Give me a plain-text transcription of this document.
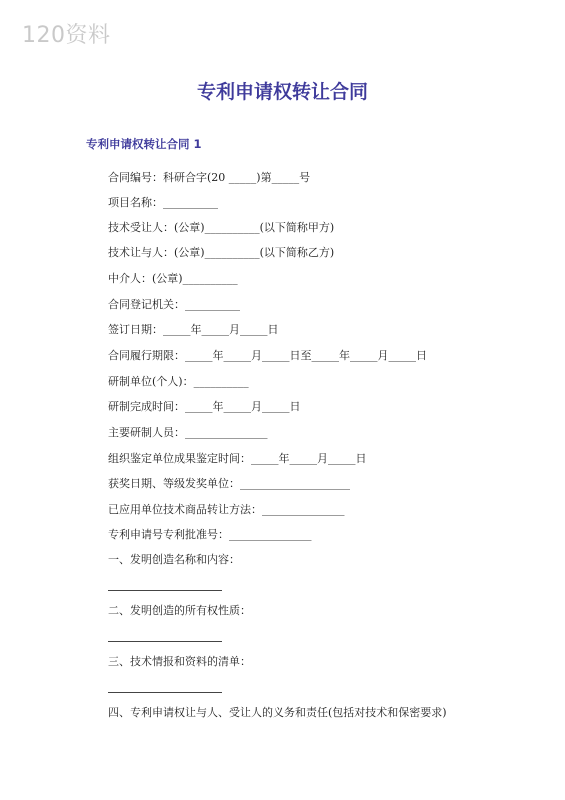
120资料
专利申请权转让合同
专利申请权转让合同 1
合同编号：科研合字(20 _____)第_____号
项目名称：__________
技术受让人：(公章)__________(以下简称甲方)
技术让与人：(公章)__________(以下简称乙方)
中介人：(公章)__________
合同登记机关：__________
签订日期：_____年_____月_____日
合同履行期限：_____年_____月_____日至_____年_____月_____日
研制单位(个人)：__________
研制完成时间：_____年_____月_____日
主要研制人员：_______________
组织鉴定单位成果鉴定时间：_____年_____月_____日
获奖日期、等级发奖单位：____________________
已应用单位技术商品转让方法：_______________
专利申请号专利批准号：_______________
一、发明创造名称和内容：
二、发明创造的所有权性质：
三、技术情报和资料的清单：
四、专利申请权让与人、受让人的义务和责任(包括对技术和保密要求)
